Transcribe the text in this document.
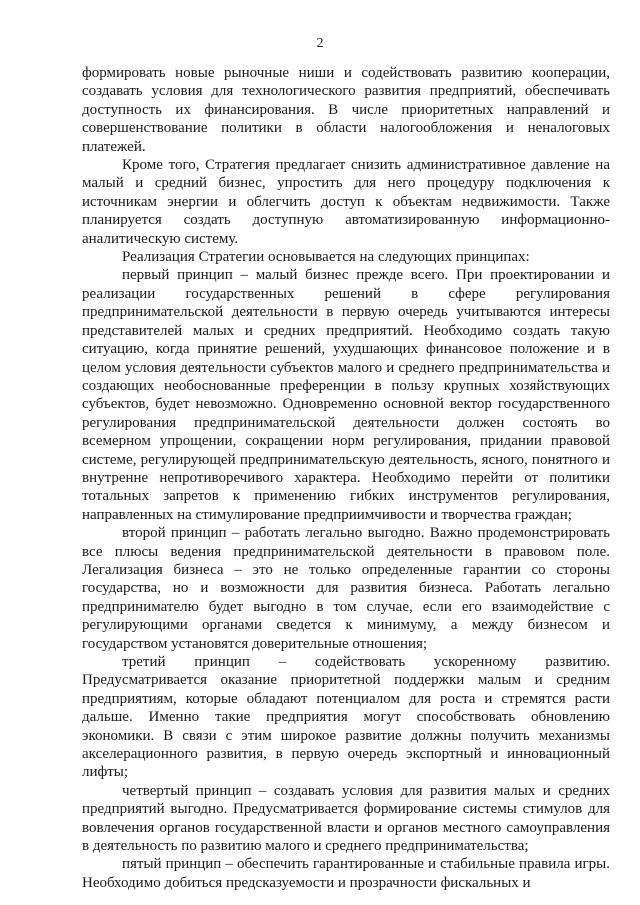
2

формировать новые рыночные ниши и содействовать развитию кооперации, создавать условия для технологического развития предприятий, обеспечивать доступность их финансирования. В числе приоритетных направлений и совершенствование политики в области налогообложения и неналоговых платежей.

Кроме того, Стратегия предлагает снизить административное давление на малый и средний бизнес, упростить для него процедуру подключения к источникам энергии и облегчить доступ к объектам недвижимости. Также планируется создать доступную автоматизированную информационно-аналитическую систему.

Реализация Стратегии основывается на следующих принципах:

первый принцип – малый бизнес прежде всего. При проектировании и реализации государственных решений в сфере регулирования предпринимательской деятельности в первую очередь учитываются интересы представителей малых и средних предприятий. Необходимо создать такую ситуацию, когда принятие решений, ухудшающих финансовое положение и в целом условия деятельности субъектов малого и среднего предпринимательства и создающих необоснованные преференции в пользу крупных хозяйствующих субъектов, будет невозможно. Одновременно основной вектор государственного регулирования предпринимательской деятельности должен состоять во всемерном упрощении, сокращении норм регулирования, придании правовой системе, регулирующей предпринимательскую деятельность, ясного, понятного и внутренне непротиворечивого характера. Необходимо перейти от политики тотальных запретов к применению гибких инструментов регулирования, направленных на стимулирование предприимчивости и творчества граждан;

второй принцип – работать легально выгодно. Важно продемонстрировать все плюсы ведения предпринимательской деятельности в правовом поле. Легализация бизнеса – это не только определенные гарантии со стороны государства, но и возможности для развития бизнеса. Работать легально предпринимателю будет выгодно в том случае, если его взаимодействие с регулирующими органами сведется к минимуму, а между бизнесом и государством установятся доверительные отношения;

третий принцип – содействовать ускоренному развитию. Предусматривается оказание приоритетной поддержки малым и средним предприятиям, которые обладают потенциалом для роста и стремятся расти дальше. Именно такие предприятия могут способствовать обновлению экономики. В связи с этим широкое развитие должны получить механизмы акселерационного развития, в первую очередь экспортный и инновационный лифты;

четвертый принцип – создавать условия для развития малых и средних предприятий выгодно. Предусматривается формирование системы стимулов для вовлечения органов государственной власти и органов местного самоуправления в деятельность по развитию малого и среднего предпринимательства;

пятый принцип – обеспечить гарантированные и стабильные правила игры. Необходимо добиться предсказуемости и прозрачности фискальных и
